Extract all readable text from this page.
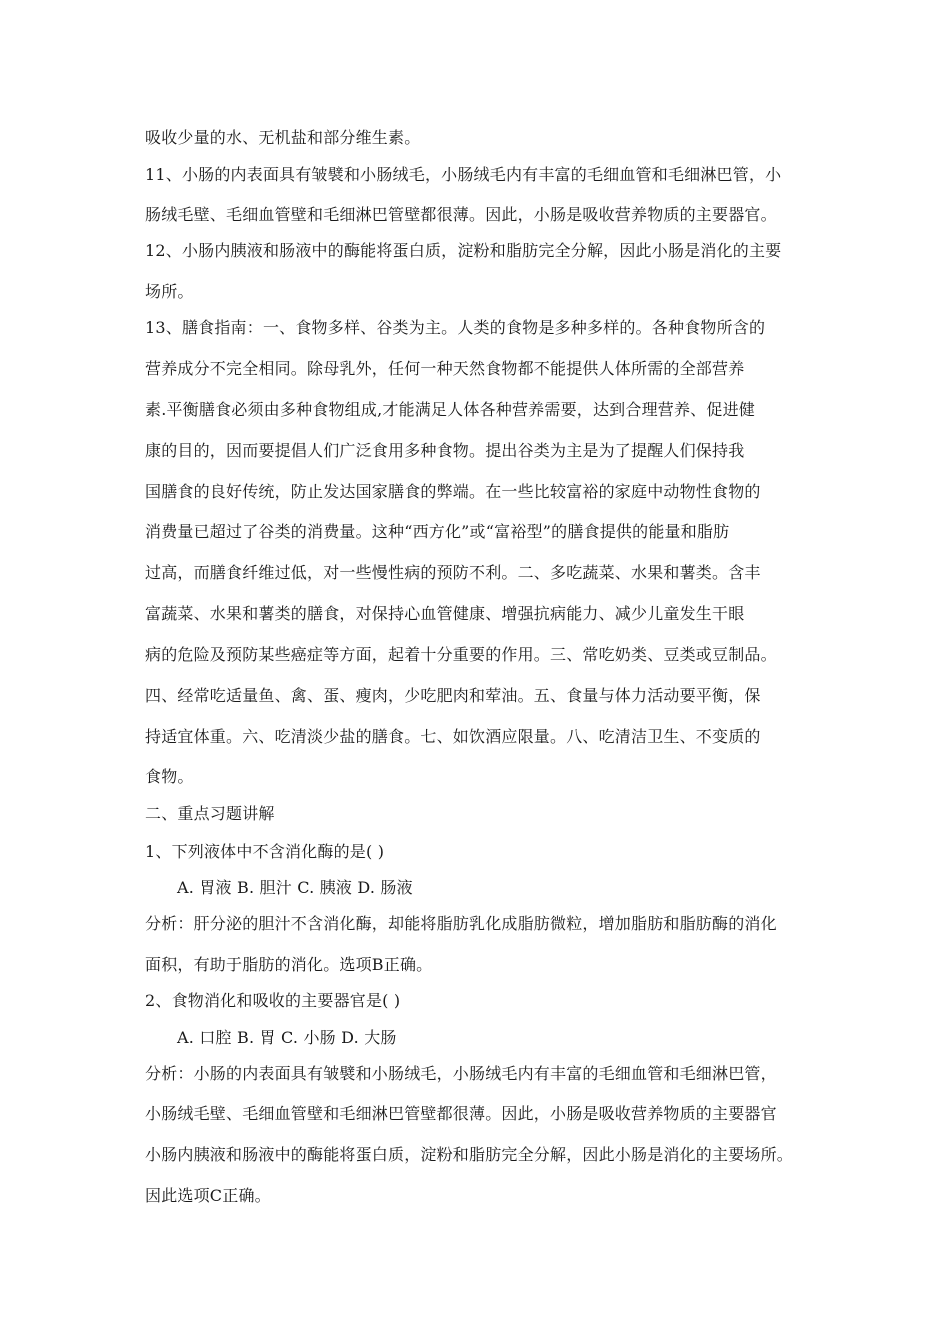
吸收少量的水、无机盐和部分维生素。
11、小肠的内表面具有皱襞和小肠绒毛，小肠绒毛内有丰富的毛细血管和毛细淋巴管，小
肠绒毛壁、毛细血管壁和毛细淋巴管壁都很薄。因此，小肠是吸收营养物质的主要器官。
12、小肠内胰液和肠液中的酶能将蛋白质，淀粉和脂肪完全分解，因此小肠是消化的主要
场所。
13、膳食指南：一、食物多样、谷类为主。人类的食物是多种多样的。各种食物所含的
营养成分不完全相同。除母乳外，任何一种天然食物都不能提供人体所需的全部营养
素.平衡膳食必须由多种食物组成,才能满足人体各种营养需要，达到合理营养、促进健
康的目的，因而要提倡人们广泛食用多种食物。提出谷类为主是为了提醒人们保持我
国膳食的良好传统，防止发达国家膳食的弊端。在一些比较富裕的家庭中动物性食物的
消费量已超过了谷类的消费量。这种“西方化”或“富裕型”的膳食提供的能量和脂肪
过高，而膳食纤维过低，对一些慢性病的预防不利。二、多吃蔬菜、水果和薯类。含丰
富蔬菜、水果和薯类的膳食，对保持心血管健康、增强抗病能力、减少儿童发生干眼
病的危险及预防某些癌症等方面，起着十分重要的作用。三、常吃奶类、豆类或豆制品。
四、经常吃适量鱼、禽、蛋、瘦肉，少吃肥肉和荤油。五、食量与体力活动要平衡，保
持适宜体重。六、吃清淡少盐的膳食。七、如饮酒应限量。八、吃清洁卫生、不变质的
食物。
二、重点习题讲解
1、下列液体中不含消化酶的是( )
A. 胃液 B. 胆汁 C. 胰液 D. 肠液
分析：肝分泌的胆汁不含消化酶，却能将脂肪乳化成脂肪微粒，增加脂肪和脂肪酶的消化
面积，有助于脂肪的消化。选项B正确。
2、食物消化和吸收的主要器官是( )
A. 口腔 B. 胃 C. 小肠 D. 大肠
分析：小肠的内表面具有皱襞和小肠绒毛，小肠绒毛内有丰富的毛细血管和毛细淋巴管，
小肠绒毛壁、毛细血管壁和毛细淋巴管壁都很薄。因此，小肠是吸收营养物质的主要器官
小肠内胰液和肠液中的酶能将蛋白质，淀粉和脂肪完全分解，因此小肠是消化的主要场所。
因此选项C正确。
